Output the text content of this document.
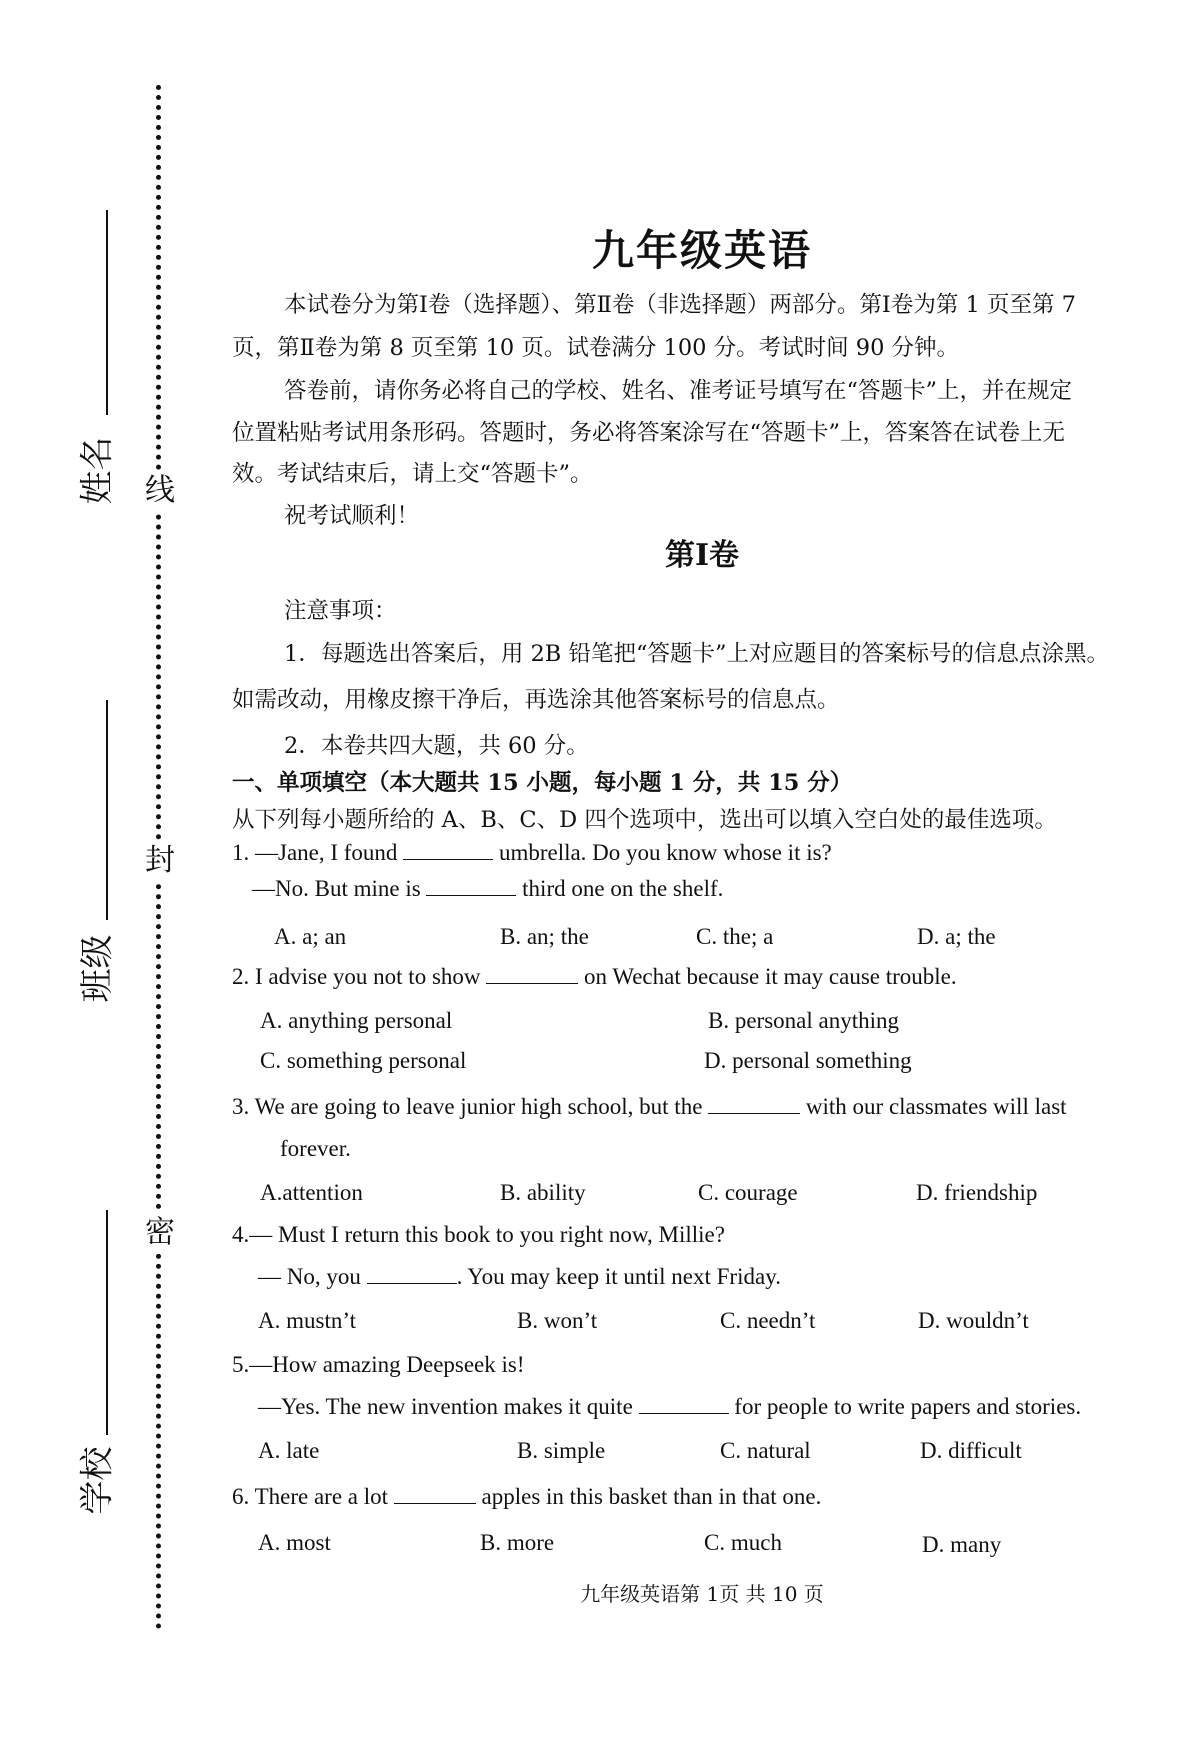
线
封
密
姓名
班级
学校
九年级英语
本试卷分为第Ⅰ卷（选择题）、第Ⅱ卷（非选择题）两部分。第Ⅰ卷为第 1 页至第 7
页，第Ⅱ卷为第 8 页至第 10 页。试卷满分 100 分。考试时间 90 分钟。
答卷前，请你务必将自己的学校、姓名、准考证号填写在“答题卡”上，并在规定
位置粘贴考试用条形码。答题时，务必将答案涂写在“答题卡”上，答案答在试卷上无
效。考试结束后，请上交“答题卡”。
祝考试顺利！
第Ⅰ卷
注意事项：
1．每题选出答案后，用 2B 铅笔把“答题卡”上对应题目的答案标号的信息点涂黑。
如需改动，用橡皮擦干净后，再选涂其他答案标号的信息点。
2．本卷共四大题，共 60 分。
一、单项填空（本大题共 15 小题，每小题 1 分，共 15 分）
从下列每小题所给的 A、B、C、D 四个选项中，选出可以填入空白处的最佳选项。
1. —Jane, I found	umbrella. Do you know whose it is?
—No. But mine is	third one on the shelf.
A. a; an	B. an; the	C. the; a	D. a; the
2. I advise you not to show	on Wechat because it may cause trouble.
A. anything personal	B. personal anything
C. something personal	D. personal something
3. We are going to leave junior high school, but the	with our classmates will last
forever.
A.attention	B. ability	C. courage	D. friendship
4.— Must I return this book to you right now, Millie?
— No, you	. You may keep it until next Friday.
A. mustn’t	B. won’t	C. needn’t	D. wouldn’t
5.—How amazing Deepseek is!
—Yes. The new invention makes it quite	for people to write papers and stories.
A. late	B. simple	C. natural	D. difficult
6. There are a lot	apples in this basket than in that one.
A. most	B. more	C. much	D. many
九年级英语第 1页 共 10 页
